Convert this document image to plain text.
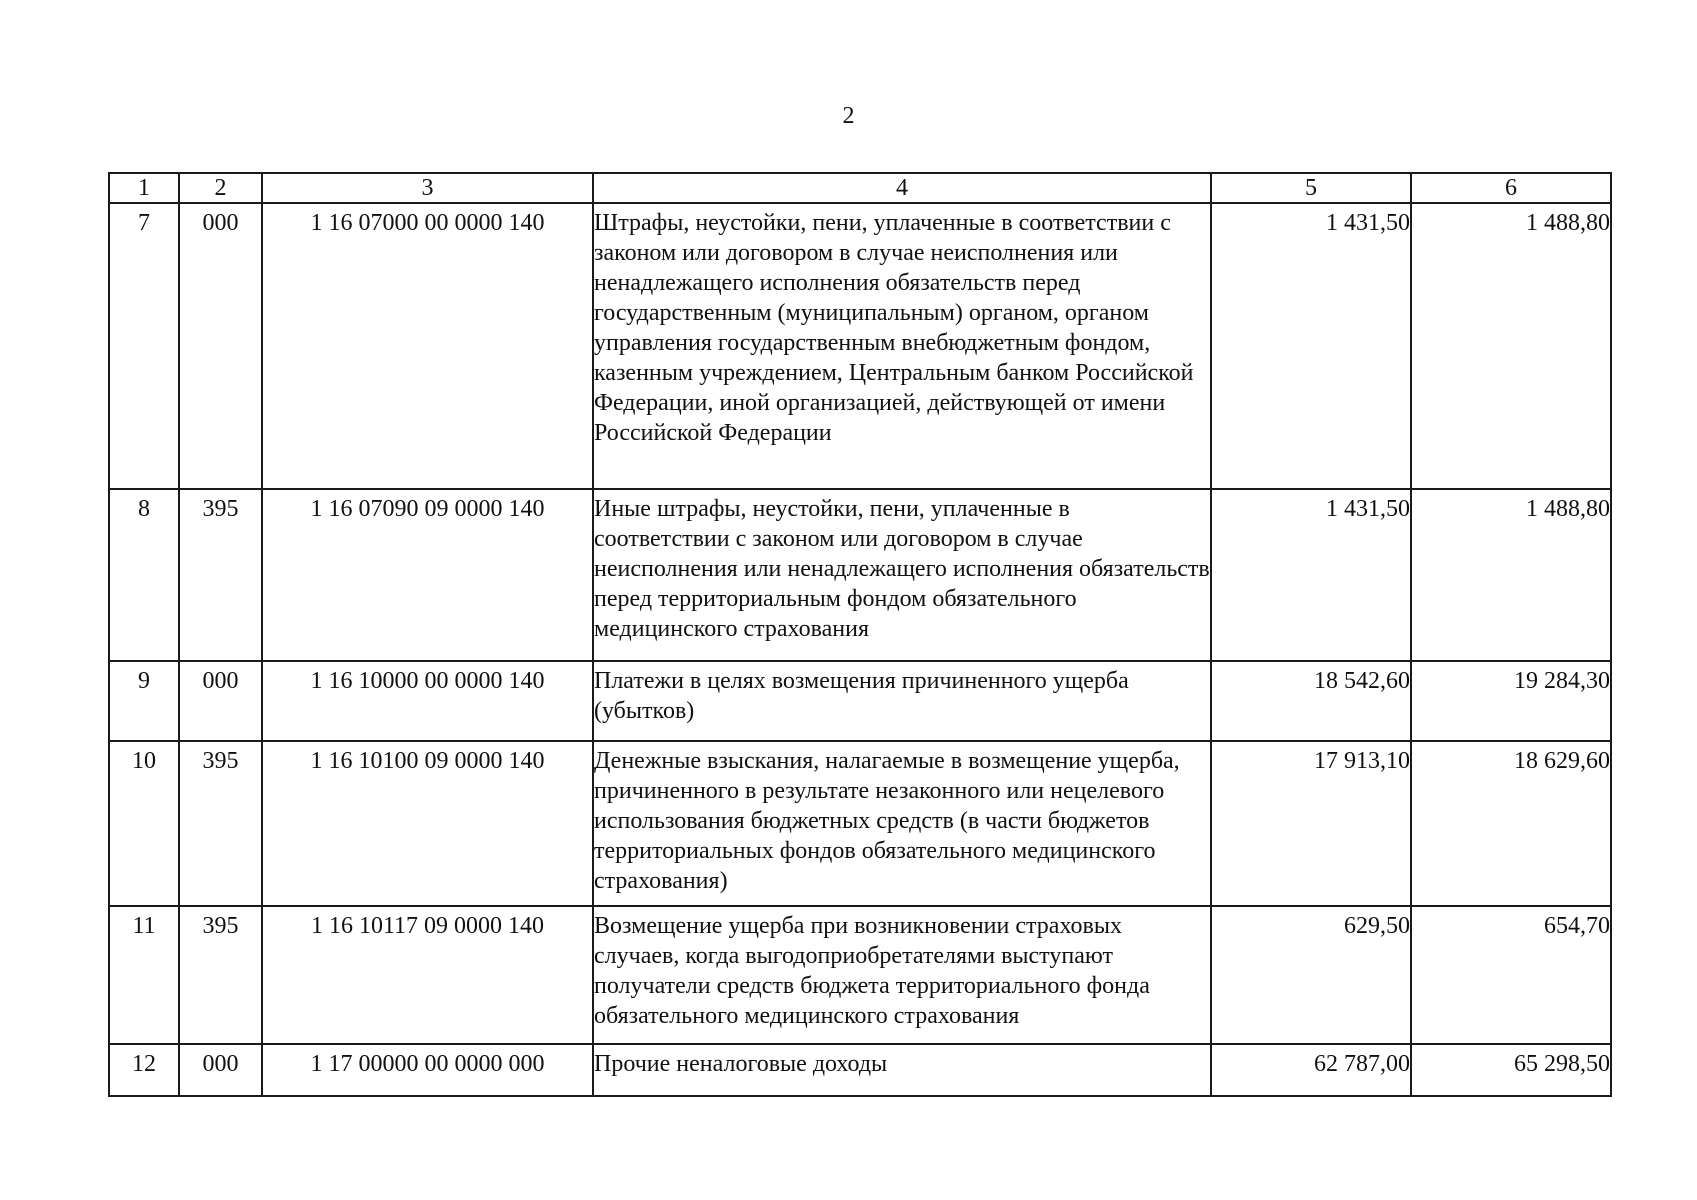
2
1	2	3	4	5	6
7	000	1 16 07000 00 0000 140	Штрафы, неустойки, пени, уплаченные в соответствии с законом или договором в случае неисполнения или ненадлежащего исполнения обязательств перед государственным (муниципальным) органом, органом управления государственным внебюджетным фондом, казенным учреждением, Центральным банком Российской Федерации, иной организацией, действующей от имени Российской Федерации	1 431,50	1 488,80
8	395	1 16 07090 09 0000 140	Иные штрафы, неустойки, пени, уплаченные в соответствии с законом или договором в случае неисполнения или ненадлежащего исполнения обязательств перед территориальным фондом обязательного медицинского страхования	1 431,50	1 488,80
9	000	1 16 10000 00 0000 140	Платежи в целях возмещения причиненного ущерба (убытков)	18 542,60	19 284,30
10	395	1 16 10100 09 0000 140	Денежные взыскания, налагаемые в возмещение ущерба, причиненного в результате незаконного или нецелевого использования бюджетных средств (в части бюджетов территориальных фондов обязательного медицинского страхования)	17 913,10	18 629,60
11	395	1 16 10117 09 0000 140	Возмещение ущерба при возникновении страховых случаев, когда выгодоприобретателями выступают получатели средств бюджета территориального фонда обязательного медицинского страхования	629,50	654,70
12	000	1 17 00000 00 0000 000	Прочие неналоговые доходы	62 787,00	65 298,50
